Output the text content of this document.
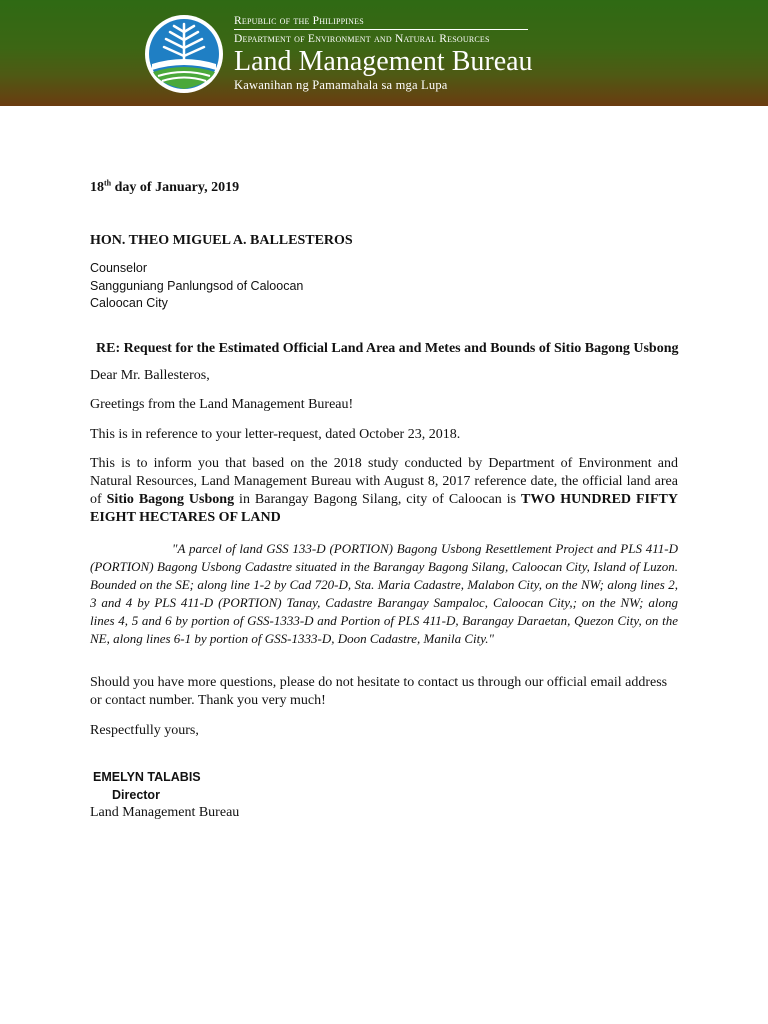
Republic of the Philippines
Department of Environment and Natural Resources
Land Management Bureau
Kawanihan ng Pamamahala sa mga Lupa

18th day of January, 2019

HON. THEO MIGUEL A. BALLESTEROS

Counselor
Sangguniang Panlungsod of Caloocan
Caloocan City

RE: Request for the Estimated Official Land Area and Metes and Bounds of Sitio Bagong Usbong

Dear Mr. Ballesteros,

Greetings from the Land Management Bureau!

This is in reference to your letter-request, dated October 23, 2018.

This is to inform you that based on the 2018 study conducted by Department of Environment and Natural Resources, Land Management Bureau with August 8, 2017 reference date, the official land area of Sitio Bagong Usbong in Barangay Bagong Silang, city of Caloocan is TWO HUNDRED FIFTY EIGHT HECTARES OF LAND

"A parcel of land GSS 133-D (PORTION) Bagong Usbong Resettlement Project and PLS 411-D (PORTION) Bagong Usbong Cadastre situated in the Barangay Bagong Silang, Caloocan City, Island of Luzon. Bounded on the SE; along line 1-2 by Cad 720-D, Sta. Maria Cadastre, Malabon City, on the NW; along lines 2, 3 and 4 by PLS 411-D (PORTION) Tanay, Cadastre Barangay Sampaloc, Caloocan City,; on the NW; along lines 4, 5 and 6 by portion of GSS-1333-D and Portion of PLS 411-D, Barangay Daraetan, Quezon City, on the NE, along lines 6-1 by portion of GSS-1333-D, Doon Cadastre, Manila City."

Should you have more questions, please do not hesitate to contact us through our official email address or contact number. Thank you very much!

Respectfully yours,

EMELYN TALABIS
Director

Land Management Bureau
